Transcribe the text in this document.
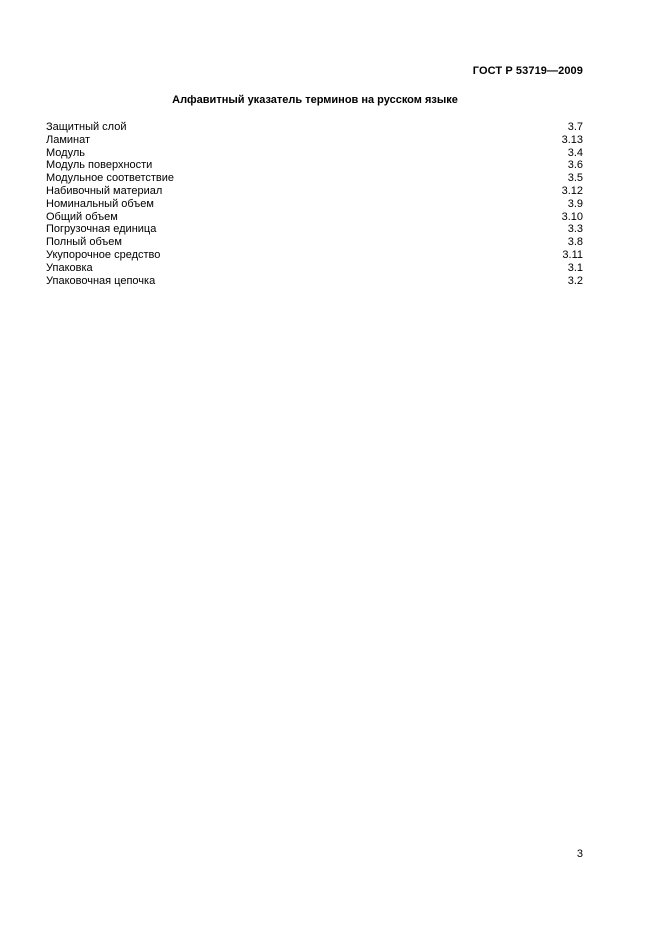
ГОСТ Р 53719—2009
Алфавитный указатель терминов на русском языке
Защитный слой	3.7
Ламинат	3.13
Модуль	3.4
Модуль поверхности	3.6
Модульное соответствие	3.5
Набивочный материал	3.12
Номинальный объем	3.9
Общий объем	3.10
Погрузочная единица	3.3
Полный объем	3.8
Укупорочное средство	3.11
Упаковка	3.1
Упаковочная цепочка	3.2
3
